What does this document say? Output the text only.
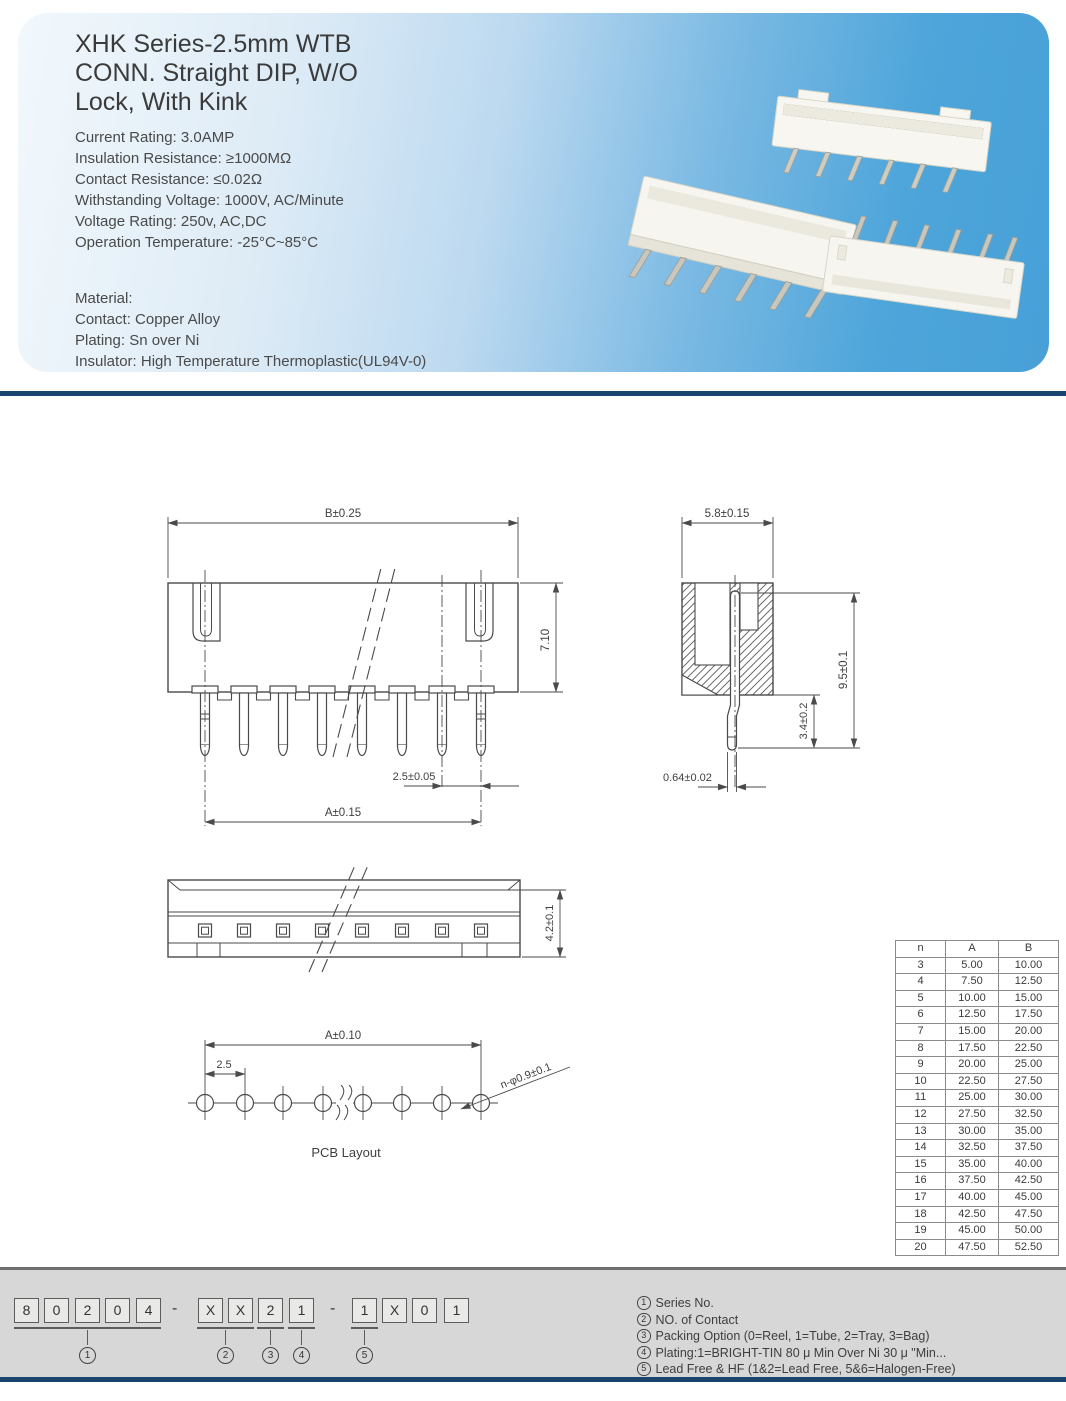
XHK Series-2.5mm WTB
CONN. Straight DIP, W/O
Lock, With Kink
Current Rating: 3.0AMP
Insulation Resistance: ≥1000MΩ
Contact Resistance: ≤0.02Ω
Withstanding Voltage: 1000V, AC/Minute
Voltage Rating: 250v, AC,DC
Operation Temperature: -25°C~85°C
Material:
Contact: Copper Alloy
Plating: Sn over Ni
Insulator: High Temperature Thermoplastic(UL94V-0)
B±0.25
7.10
2.5±0.05
A±0.15
5.8±0.15
9.5±0.1
3.4±0.2
0.64±0.02
4.2±0.1
A±0.10
2.5	n-φ0.9±0.1
PCB Layout
n	A	B
3	5.00	10.00
4	7.50	12.50
5	10.00	15.00
6	12.50	17.50
7	15.00	20.00
8	17.50	22.50
9	20.00	25.00
10	22.50	27.50
11	25.00	30.00
12	27.50	32.50
13	30.00	35.00
14	32.50	37.50
15	35.00	40.00
16	37.50	42.50
17	40.00	45.00
18	42.50	47.50
19	45.00	50.00
20	47.50	52.50
8	0	2	0	4	-	X	X	2	1	-	1	X	0	1
1	2	3	4	5
1 Series No.
2 NO. of Contact
3 Packing Option (0=Reel, 1=Tube, 2=Tray, 3=Bag)
4 Plating:1=BRIGHT-TIN 80 μ Min Over Ni 30 μ "Min...
5 Lead Free & HF (1&2=Lead Free, 5&6=Halogen-Free)
